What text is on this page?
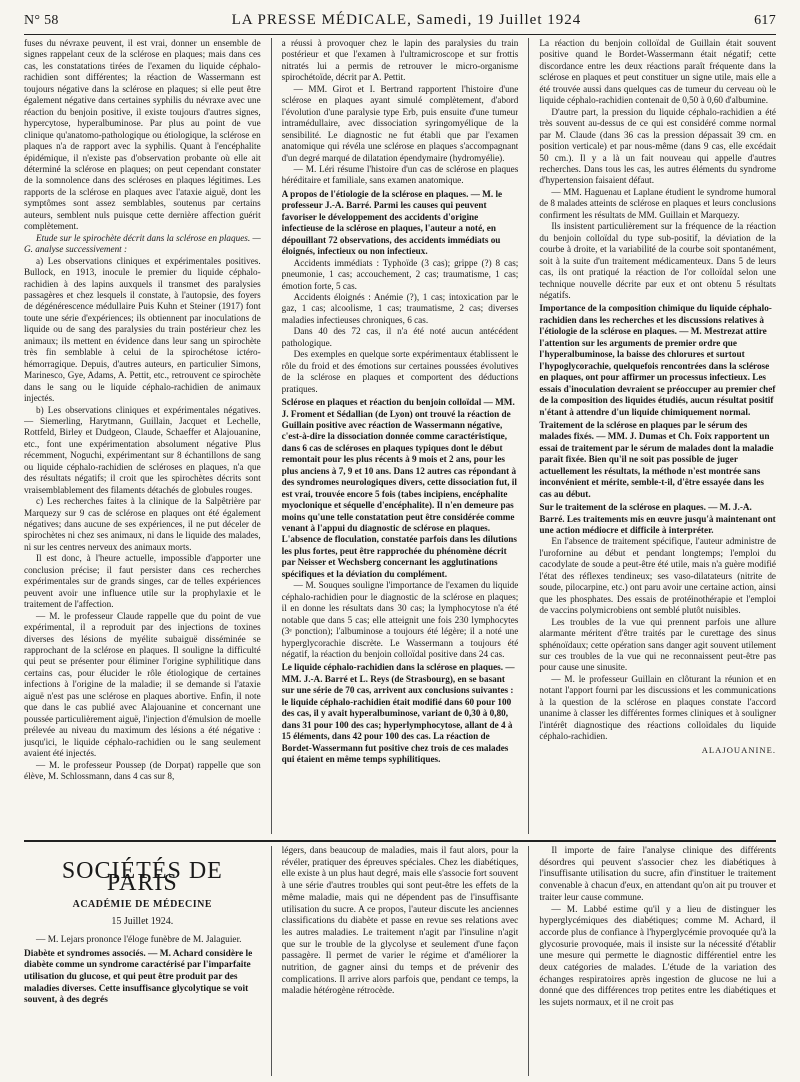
N° 58	LA PRESSE MÉDICALE, Samedi, 19 Juillet 1924	617

fuses du névraxe peuvent, il est vrai, donner un ensemble de signes rappelant ceux de la sclérose en plaques; mais dans ces cas, les constatations tirées de l'examen du liquide céphalo-rachidien sont différentes; la réaction de Wassermann est toujours négative dans la sclérose en plaques; si elle peut être également négative dans certaines syphilis du névraxe avec une réaction du benjoin positive, il existe toujours d'autres signes, hypercytose, hyperalbuminose. Par plus au point de vue clinique qu'anatomo-pathologique ou étiologique, la sclérose en plaques n'a de rapport avec la syphilis. Quant à l'encéphalite épidémique, il n'existe pas d'observation probante où elle ait déterminé la sclérose en plaques; on peut cependant constater de la somnolence dans des scléroses en plaques légitimes. Les rapports de la sclérose en plaques avec l'ataxie aiguë, dont les symptômes sont assez semblables, soutenus par certains auteurs, semblent nuls puisque cette dernière affection guérit complètement.

Etude sur le spirochète décrit dans la sclérose en plaques. — G. analyse successivement :

a) Les observations cliniques et expérimentales positives. Bullock, en 1913, inocule le premier du liquide céphalo-rachidien à des lapins auxquels il transmet des paralysies passagères et chez lesquels il constate, à l'autopsie, des foyers de dégénérescence médullaire Puis Kuhn et Steiner (1917) font toute une série d'expériences; ils obtiennent par inoculations de liquide ou de sang des paralysies du train postérieur chez les animaux; ils mettent en évidence dans leur sang un spirochète très fin semblable à celui de la spirochétose ictéro-hémorragique. Depuis, d'autres auteurs, en particulier Simons, Marinesco, Gye, Adams, A. Pettit, etc., retrouvent ce spirochète dans le sang ou le liquide céphalo-rachidien de animaux injectés.

b) Les observations cliniques et expérimentales négatives. — Siemerling, Harytmann, Guillain, Jacquet et Lechelle, Rottfeld, Birley et Dudgeon, Claude, Schaeffer et Alajouanine, etc., font une expérimentation absolument négative Plus récemment, Noguchi, expérimentant sur 8 échantillons de sang ou liquide céphalo-rachidien de scléroses en plaques, n'a que des résultats négatifs; il croit que les spirochètes décrits sont vraisemblablement des filaments détachés de globules rouges.

c) Les recherches faites à la clinique de la Salpêtrière par Marquezy sur 9 cas de sclérose en plaques ont été également négatives; dans aucune de ses expériences, il ne put déceler de spirochètes ni chez ses animaux, ni dans le liquide des malades, ni sur les centres nerveux des animaux morts.

Il est donc, à l'heure actuelle, impossible d'apporter une conclusion précise; il faut persister dans ces recherches expérimentales sur de grands singes, car de telles expériences peuvent avoir une influence utile sur la prophylaxie et le traitement de l'affection.

— M. le professeur Claude rappelle que du point de vue expérimental, il a reproduit par des injections de toxines diverses des lésions de myélite subaiguë disséminée se rapprochant de la sclérose en plaques. Il souligne la difficulté qui peut se présenter pour éliminer l'origine syphilitique dans certains cas, pour élucider le rôle étiologique de certaines infections à l'origine de la maladie; il se demande si l'ataxie aiguë n'est pas une sclérose en plaques abortive. Enfin, il note que dans le cas publié avec Alajouanine et concernant une poussée particulièrement aiguë, l'injection d'émulsion de moelle prélevée au niveau du maximum des lésions a été négative : jusqu'ici, le liquide céphalo-rachidien ou le sang seulement avaient été injectés.

— M. le professeur Poussep (de Dorpat) rappelle que son élève, M. Schlossmann, dans 4 cas sur 8,

a réussi à provoquer chez le lapin des paralysies du train postérieur et que l'examen à l'ultramicroscope et sur frottis nitratés lui a permis de retrouver le micro-organisme spirochétoïde, décrit par A. Pettit.

— MM. Girot et I. Bertrand rapportent l'histoire d'une sclérose en plaques ayant simulé complètement, d'abord l'évolution d'une paralysie type Erb, puis ensuite d'une tumeur intramédullaire, avec dissociation syringomyélique de la sensibilité. Le diagnostic ne fut établi que par l'examen anatomique qui révéla une sclérose en plaques s'accompagnant d'un degré marqué de dilatation épendymaire (hydromyélie).

— M. Léri résume l'histoire d'un cas de sclérose en plaques héréditaire et familiale, sans examen anatomique.

A propos de l'étiologie de la sclérose en plaques. — M. le professeur J.-A. Barré. Parmi les causes qui peuvent favoriser le développement des accidents d'origine infectieuse de la sclérose en plaques, l'auteur a noté, en dépouillant 72 observations, des accidents immédiats ou éloignés, infectieux ou non infectieux.

Accidents immédiats : Typhoïde (3 cas); grippe (?) 8 cas; pneumonie, 1 cas; accouchement, 2 cas; traumatisme, 1 cas; émotion forte, 5 cas.

Accidents éloignés : Anémie (?), 1 cas; intoxication par le gaz, 1 cas; alcoolisme, 1 cas; traumatisme, 2 cas; diverses maladies infectieuses chroniques, 6 cas.

Dans 40 des 72 cas, il n'a été noté aucun antécédent pathologique.

Des exemples en quelque sorte expérimentaux établissent le rôle du froid et des émotions sur certaines poussées évolutives de la sclérose en plaques et comportent des déductions pratiques.

Sclérose en plaques et réaction du benjoin colloïdal — MM. J. Froment et Sédallian (de Lyon) ont trouvé la réaction de Guillain positive avec réaction de Wassermann négative, c'est-à-dire la dissociation donnée comme caractéristique, dans 6 cas de scléroses en plaques typiques dont le début remontait pour les plus récents à 9 mois et 2 ans, pour les plus anciens à 7, 9 et 10 ans. Dans 12 autres cas répondant à des syndromes neurologiques divers, cette dissociation fut, il est vrai, trouvée encore 5 fois (tabes incipiens, encéphalite myoclonique et séquelle d'encéphalite). Il n'en demeure pas moins qu'une telle constatation peut être considérée comme venant à l'appui du diagnostic de sclérose en plaques. L'absence de floculation, constatée parfois dans les dilutions les plus fortes, peut être rapprochée du phénomène décrit par Neisser et Wechsberg concernant les agglutinations spécifiques et la déviation du complément.

— M. Souques souligne l'importance de l'examen du liquide céphalo-rachidien pour le diagnostic de la sclérose en plaques; il en donne les résultats dans 30 cas; la lymphocytose n'a été notable que dans 5 cas; elle atteignit une fois 230 lymphocytes (3ᵉ ponction); l'albuminose a toujours été légère; il a noté une hyperglycorachie discrète. Le Wassermann a toujours été négatif, la réaction du benjoin colloïdal positive dans 24 cas.

Le liquide céphalo-rachidien dans la sclérose en plaques. — MM. J.-A. Barré et L. Reys (de Strasbourg), en se basant sur une série de 70 cas, arrivent aux conclusions suivantes : le liquide céphalo-rachidien était modifié dans 60 pour 100 des cas, il y avait hyperalbuminose, variant de 0,30 à 0,80, dans 31 pour 100 des cas; hyperlymphocytose, allant de 4 à 15 éléments, dans 42 pour 100 des cas. La réaction de Bordet-Wassermann fut positive chez trois de ces malades qui étaient en même temps syphilitiques.

La réaction du benjoin colloïdal de Guillain était souvent positive quand le Bordet-Wassermann était négatif; cette discordance entre les deux réactions paraît fréquente dans la sclérose en plaques et peut constituer un signe utile, mais elle a été trouvée aussi dans quelques cas de tumeur du cerveau où le liquide céphalo-rachidien contenait de 0,50 à 0,60 d'albumine.

D'autre part, la pression du liquide céphalo-rachidien a été très souvent au-dessus de ce qui est considéré comme normal par M. Claude (dans 36 cas la pression dépassait 39 cm. en position verticale) et par nous-même (dans 9 cas, elle excédait 50 cm.). Il y a là un fait nouveau qui appelle d'autres recherches. Dans tous les cas, les autres éléments du syndrome d'hypertension faisaient défaut.

— MM. Haguenau et Laplane étudient le syndrome humoral de 8 malades atteints de sclérose en plaques et leurs conclusions confirment les résultats de MM. Guillain et Marquezy.

Ils insistent particulièrement sur la fréquence de la réaction du benjoin colloïdal du type sub-positif, la déviation de la courbe à droite, et la variabilité de la courbe soit spontanément, soit à la suite d'un traitement médicamenteux. Dans 5 de leurs cas, ils ont pratiqué la réaction de l'or colloïdal selon une technique nouvelle décrite par eux et ont obtenu 5 résultats négatifs.

Importance de la composition chimique du liquide céphalo-rachidien dans les recherches et les discussions relatives à l'étiologie de la sclérose en plaques. — M. Mestrezat attire l'attention sur les arguments de premier ordre que l'hyperalbuminose, la baisse des chlorures et surtout l'hypoglycorachie, quelquefois rencontrées dans la sclérose en plaques, ont pour affirmer un processus infectieux. Les essais d'inoculation devraient se préoccuper au premier chef de la composition des liquides étudiés, aucun résultat positif n'étant à attendre d'un liquide chimiquement normal.

Traitement de la sclérose en plaques par le sérum des malades fixés. — MM. J. Dumas et Ch. Foix rapportent un essai de traitement par le sérum de malades dont la maladie paraît fixée. Bien qu'il ne soit pas possible de juger actuellement les résultats, la méthode n'est montrée sans inconvénient et mérite, semble-t-il, d'être essayée dans les cas au début.

Sur le traitement de la sclérose en plaques. — M. J.-A. Barré. Les traitements mis en œuvre jusqu'à maintenant ont une action médiocre et difficile à interpréter.

En l'absence de traitement spécifique, l'auteur administre de l'urofornine au début et pendant longtemps; l'emploi du cacodylate de soude a peut-être été utile, mais n'a guère modifié l'état des réflexes tendineux; ses vaso-dilatateurs (nitrite de soude, pilocarpine, etc.) ont paru avoir une certaine action, ainsi que les phosphates. Des essais de protéinothérapie et l'emploi de vaccins polymicrobiens ont semblé plutôt nuisibles.

Les troubles de la vue qui prennent parfois une allure alarmante méritent d'être traités par le curettage des sinus sphénoïdaux; cette opération sans danger agit souvent utilement sur ces troubles de la vue qui ne reconnaissent peut-être pas pour cause une sinusite.

— M. le professeur Guillain en clôturant la réunion et en notant l'apport fourni par les discussions et les communications à la question de la sclérose en plaques constate l'accord unanime à classer les différentes formes cliniques et à souligner l'intérêt diagnostique des réactions colloïdales du liquide céphalo-rachidien.

ALAJOUANINE.
SOCIÉTÉS DE PARIS
ACADÉMIE DE MÉDECINE
15 Juillet 1924.

— M. Lejars prononce l'éloge funèbre de M. Jalaguier.

Diabète et syndromes associés. — M. Achard considère le diabète comme un syndrome caractérisé par l'imparfaite utilisation du glucose, et qui peut être produit par des maladies diverses. Cette insuffisance glycolytique se voit souvent, à des degrés

légers, dans beaucoup de maladies, mais il faut alors, pour la révéler, pratiquer des épreuves spéciales. Chez les diabétiques, elle existe à un plus haut degré, mais elle s'associe fort souvent à une série d'autres troubles qui sont peut-être les effets de la même maladie, mais qui ne dépendent pas de l'insuffisante utilisation du sucre. A ce propos, l'auteur discute les anciennes classifications du diabète et passe en revue ses relations avec les autres maladies. Le traitement n'agit par l'insuline n'agit que sur le trouble de la glycolyse et seulement d'une façon passagère. Il permet de varier le régime et d'améliorer la nutrition, de gagner ainsi du temps et de prévenir des complications. Il arrive alors parfois que, pendant ce temps, la maladie hétérogène rétrocède.

Il importe de faire l'analyse clinique des différents désordres qui peuvent s'associer chez les diabétiques à l'insuffisante utilisation du sucre, afin d'instituer le traitement convenable à chacun d'eux, en attendant qu'on ait pu trouver et traiter leur cause commune.

— M. Labbé estime qu'il y a lieu de distinguer les hyperglycémiques des diabétiques; comme M. Achard, il accorde plus de confiance à l'hyperglycémie provoquée qu'à la glycosurie provoquée, mais il insiste sur la nécessité d'établir une mesure qui permette le diagnostic différentiel entre les deux catégories de malades. L'étude de la variation des échanges respiratoires après ingestion de glucose ne lui a donné que des différences trop petites entre les diabétiques et les sujets normaux, et il ne croit pas
